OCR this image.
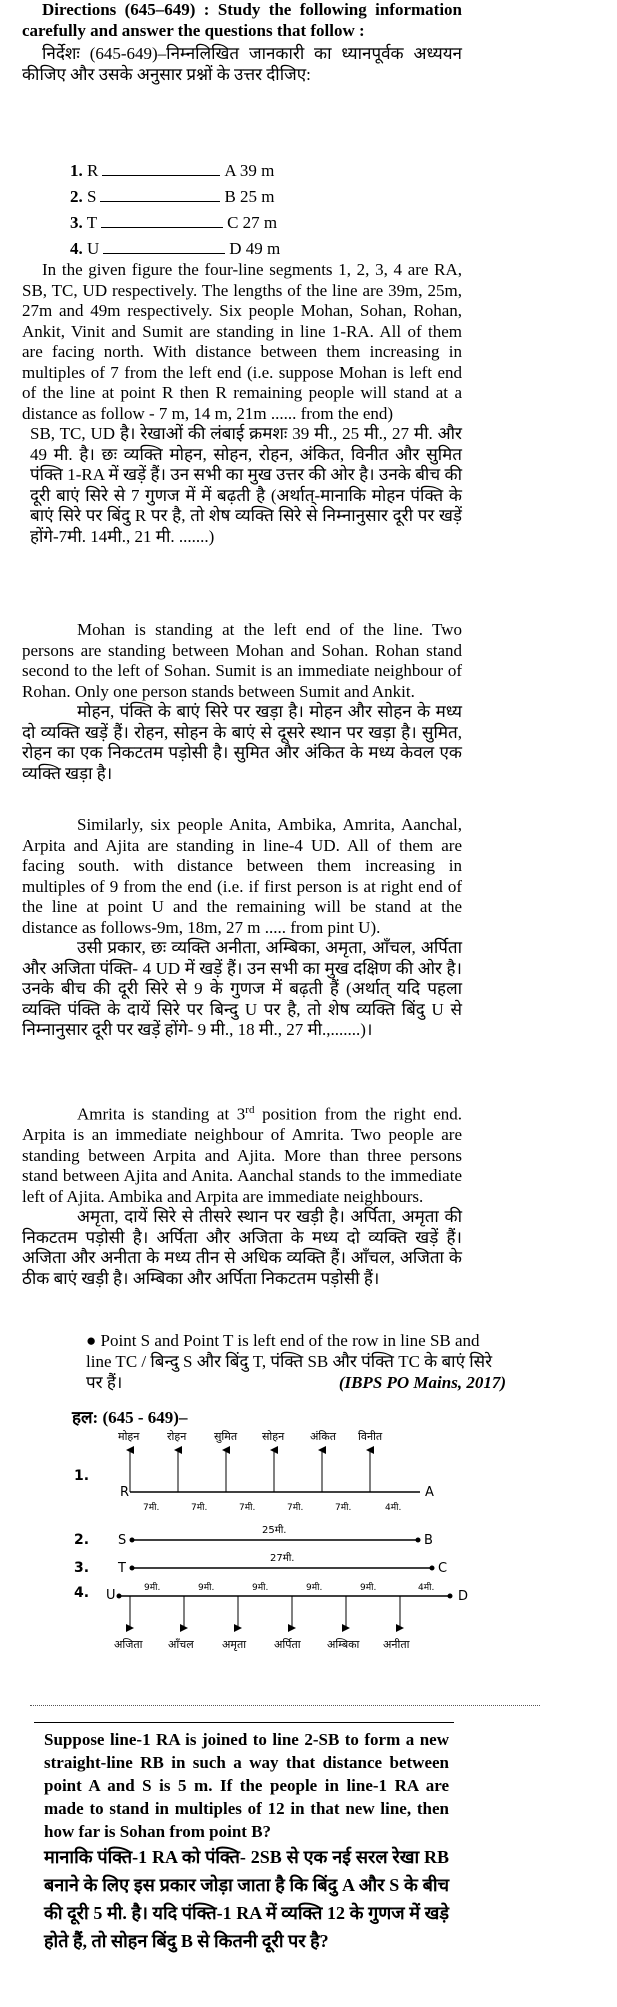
Directions (645–649) : Study the following information carefully and answer the questions that follow :
निर्देशः (645-649)–निम्नलिखित जानकारी का ध्यानपूर्वक अध्ययन कीजिए और उसके अनुसार प्रश्नों के उत्तर दीजिए:
1. R	A 39 m
2. S	B 25 m
3. T	C 27 m
4. U	D 49 m
In the given figure the four-line segments 1, 2, 3, 4 are RA, SB, TC, UD respectively. The lengths of the line are 39m, 25m, 27m and 49m respectively. Six people Mohan, Sohan, Rohan, Ankit, Vinit and Sumit are standing in line 1-RA. All of them are facing north. With distance between them increasing in multiples of 7 from the left end (i.e. suppose Mohan is left end of the line at point R then R remaining people will stand at a distance as follow - 7 m, 14 m, 21m ...... from the end)
SB, TC, UD है। रेखाओं की लंबाई क्रमशः 39 मी., 25 मी., 27 मी. और 49 मी. है। छः व्यक्ति मोहन, सोहन, रोहन, अंकित, विनीत और सुमित पंक्ति 1-RA में खड़ें हैं। उन सभी का मुख उत्तर की ओर है। उनके बीच की दूरी बाएं सिरे से 7 गुणज में में बढ़ती है (अर्थात्-मानाकि मोहन पंक्ति के बाएं सिरे पर बिंदु R पर है, तो शेष व्यक्ति सिरे से निम्नानुसार दूरी पर खड़ें होंगे-7मी. 14मी., 21 मी. .......)
Mohan is standing at the left end of the line. Two persons are standing between Mohan and Sohan. Rohan stand second to the left of Sohan. Sumit is an immediate neighbour of Rohan. Only one person stands between Sumit and Ankit.
मोहन, पंक्ति के बाएं सिरे पर खड़ा है। मोहन और सोहन के मध्य दो व्यक्ति खड़ें हैं। रोहन, सोहन के बाएं से दूसरे स्थान पर खड़ा है। सुमित, रोहन का एक निकटतम पड़ोसी है। सुमित और अंकित के मध्य केवल एक व्यक्ति खड़ा है।
Similarly, six people Anita, Ambika, Amrita, Aanchal, Arpita and Ajita are standing in line-4 UD. All of them are facing south. with distance between them increasing in multiples of 9 from the end (i.e. if first person is at right end of the line at point U and the remaining will be stand at the distance as follows-9m, 18m, 27 m ..... from pint U).
उसी प्रकार, छः व्यक्ति अनीता, अम्बिका, अमृता, आँचल, अर्पिता और अजिता पंक्ति- 4 UD में खड़ें हैं। उन सभी का मुख दक्षिण की ओर है। उनके बीच की दूरी सिरे से 9 के गुणज में बढ़ती हैं (अर्थात् यदि पहला व्यक्ति पंक्ति के दायें सिरे पर बिन्दु U पर है, तो शेष व्यक्ति बिंदु U से निम्नानुसार दूरी पर खड़ें होंगे- 9 मी., 18 मी., 27 मी.,.......)।
Amrita is standing at 3rd position from the right end. Arpita is an immediate neighbour of Amrita. Two people are standing between Arpita and Ajita. More than three persons stand between Ajita and Anita. Aanchal stands to the immediate left of Ajita. Ambika and Arpita are immediate neighbours.
अमृता, दायें सिरे से तीसरे स्थान पर खड़ी है। अर्पिता, अमृता की निकटतम पड़ोसी है। अर्पिता और अजिता के मध्य दो व्यक्ति खड़ें हैं। अजिता और अनीता के मध्य तीन से अधिक व्यक्ति हैं। आँचल, अजिता के ठीक बाएं खड़ी है। अम्बिका और अर्पिता निकटतम पड़ोसी हैं।
● Point S and Point T is left end of the row in line SB and line TC / बिन्दु S और बिंदु T, पंक्ति SB और पंक्ति TC के बाएं सिरे पर हैं।	(IBPS PO Mains, 2017)
हल: (645 - 649)–
1.
R	A
मोहन	रोहन	सुमित सोहन अंकित विनीत
7मी.	7मी.	7मी.	7मी.	7मी.	4मी.
2. S	B
25मी.
3. T	C
27मी.
4. U	D
9मी.	9मी.	9मी.	9मी.	9मी.	4मी.
अजिता आँचल	अमृता	अर्पिता अम्बिका अनीता
Suppose line-1 RA is joined to line 2-SB to form a new straight-line RB in such a way that distance between point A and S is 5 m. If the people in line-1 RA are made to stand in multiples of 12 in that new line, then how far is Sohan from point B?
मानाकि पंक्ति-1 RA को पंक्ति- 2SB से एक नई सरल रेखा RB बनाने के लिए इस प्रकार जोड़ा जाता है कि बिंदु A और S के बीच की दूरी 5 मी. है। यदि पंक्ति-1 RA में व्यक्ति 12 के गुणज में खड़े होते हैं, तो सोहन बिंदु B से कितनी दूरी पर है?
